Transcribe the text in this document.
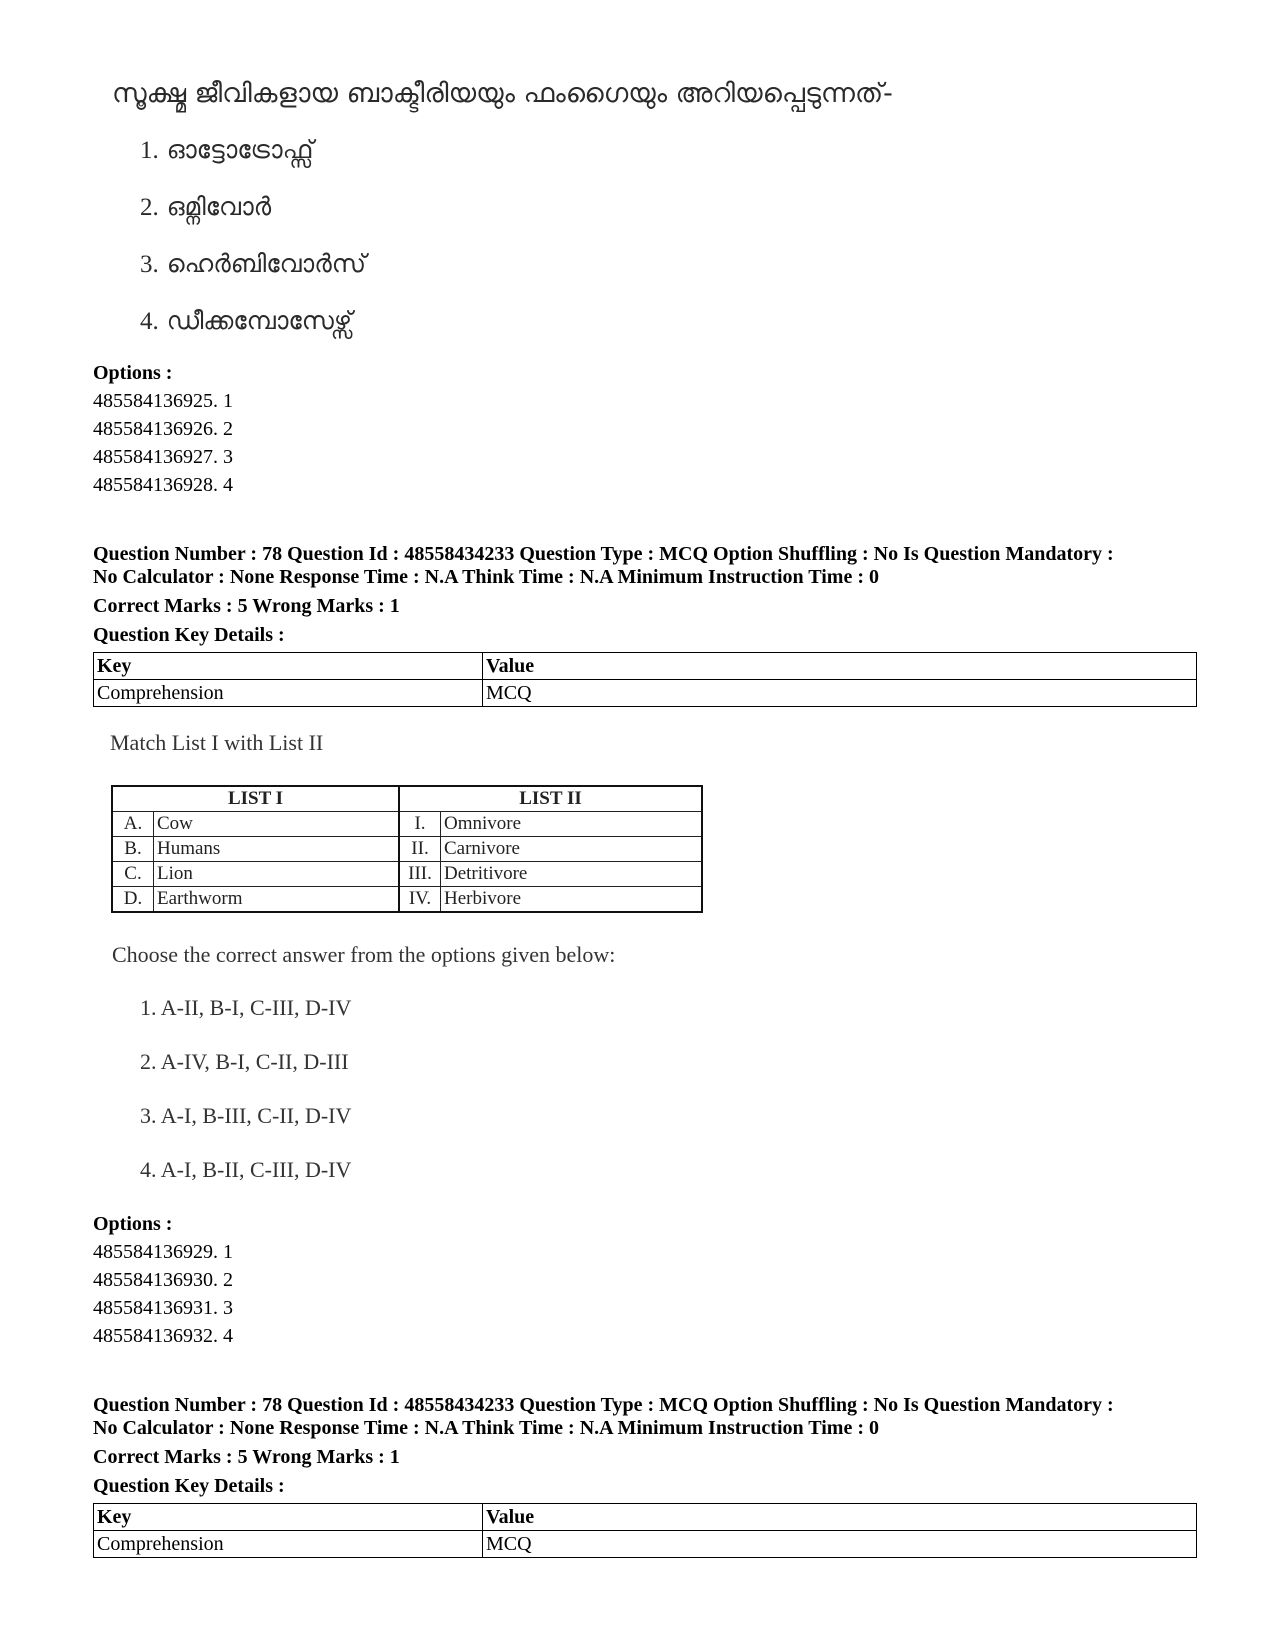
സൂക്ഷ്മ ജീവികളായ ബാക്ടീരിയയും ഫംഗൈയും അറിയപ്പെടുന്നത്-
1. ഓട്ടോട്രോഫ്സ്
2. ഒമ്നിവോർ
3. ഹെർബിവോർസ്
4. ഡീക്കമ്പോസേഴ്സ്
Options :
485584136925. 1
485584136926. 2
485584136927. 3
485584136928. 4
Question Number : 78 Question Id : 48558434233 Question Type : MCQ Option Shuffling : No Is Question Mandatory :
No Calculator : None Response Time : N.A Think Time : N.A Minimum Instruction Time : 0
Correct Marks : 5 Wrong Marks : 1
Question Key Details :
Key	Value
Comprehension	MCQ
Match List I with List II
LIST I		LIST II	
A.	Cow	I.	Omnivore
B.	Humans	II.	Carnivore
C.	Lion	III.	Detritivore
D.	Earthworm	IV.	Herbivore
Choose the correct answer from the options given below:
1. A-II, B-I, C-III, D-IV
2. A-IV, B-I, C-II, D-III
3. A-I, B-III, C-II, D-IV
4. A-I, B-II, C-III, D-IV
Options :
485584136929. 1
485584136930. 2
485584136931. 3
485584136932. 4
Question Number : 78 Question Id : 48558434233 Question Type : MCQ Option Shuffling : No Is Question Mandatory :
No Calculator : None Response Time : N.A Think Time : N.A Minimum Instruction Time : 0
Correct Marks : 5 Wrong Marks : 1
Question Key Details :
Key	Value
Comprehension	MCQ
